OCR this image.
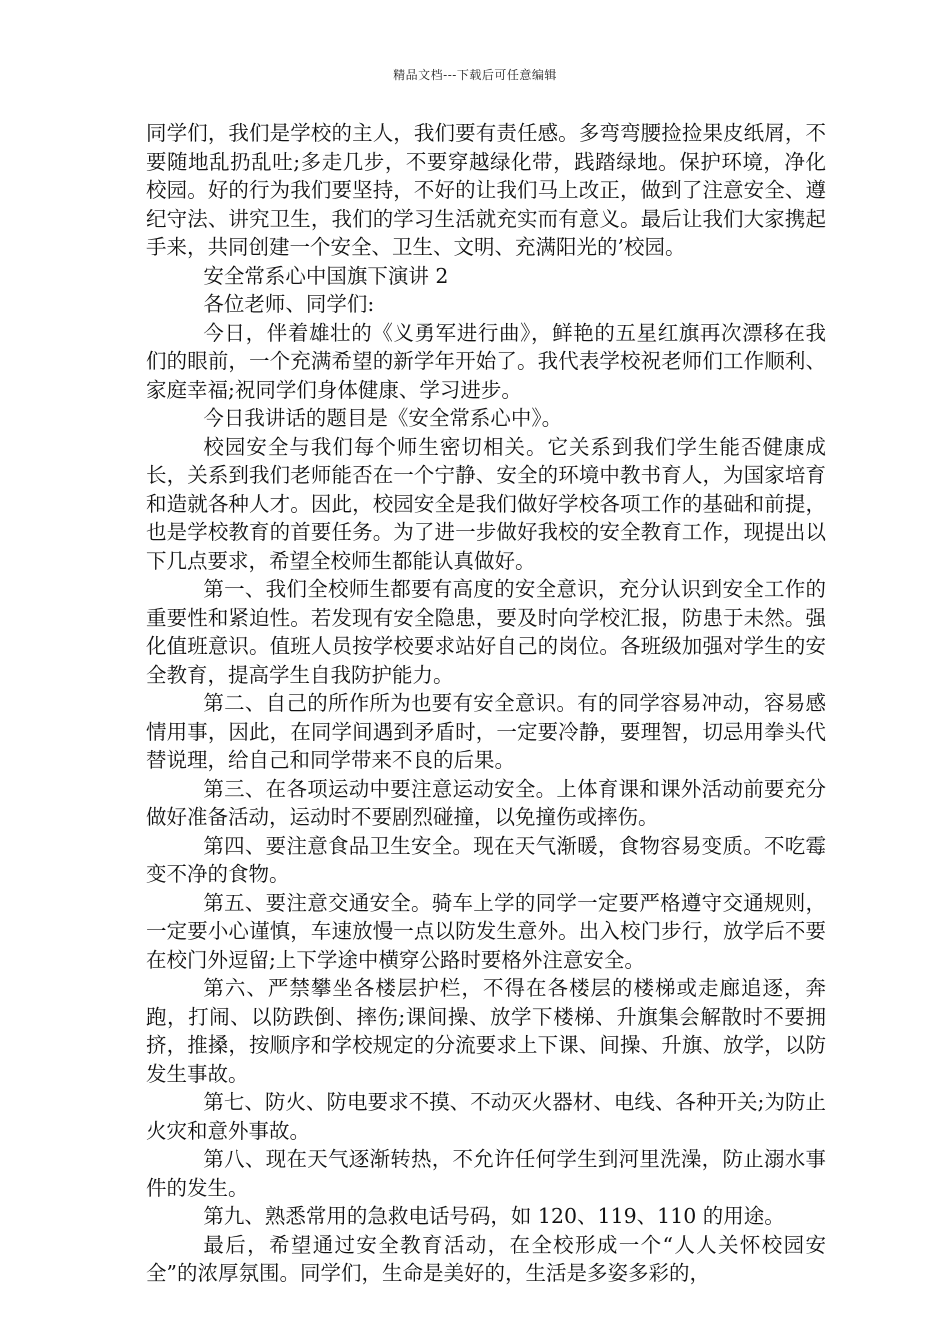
精品文档---下载后可任意编辑

同学们，我们是学校的主人，我们要有责任感。多弯弯腰捡捡果皮纸屑，不要随地乱扔乱吐;多走几步，不要穿越绿化带，践踏绿地。保护环境，净化校园。好的行为我们要坚持，不好的让我们马上改正，做到了注意安全、遵纪守法、讲究卫生，我们的学习生活就充实而有意义。最后让我们大家携起手来，共同创建一个安全、卫生、文明、充满阳光的’校园。

安全常系心中国旗下演讲 2

各位老师、同学们:

今日，伴着雄壮的《义勇军进行曲》，鲜艳的五星红旗再次漂移在我们的眼前，一个充满希望的新学年开始了。我代表学校祝老师们工作顺利、家庭幸福;祝同学们身体健康、学习进步。

今日我讲话的题目是《安全常系心中》。

校园安全与我们每个师生密切相关。它关系到我们学生能否健康成长，关系到我们老师能否在一个宁静、安全的环境中教书育人，为国家培育和造就各种人才。因此，校园安全是我们做好学校各项工作的基础和前提，也是学校教育的首要任务。为了进一步做好我校的安全教育工作，现提出以下几点要求，希望全校师生都能认真做好。

第一、我们全校师生都要有高度的安全意识，充分认识到安全工作的重要性和紧迫性。若发现有安全隐患，要及时向学校汇报，防患于未然。强化值班意识。值班人员按学校要求站好自己的岗位。各班级加强对学生的安全教育，提高学生自我防护能力。

第二、自己的所作所为也要有安全意识。有的同学容易冲动，容易感情用事，因此，在同学间遇到矛盾时，一定要冷静，要理智，切忌用拳头代替说理，给自己和同学带来不良的后果。

第三、在各项运动中要注意运动安全。上体育课和课外活动前要充分做好准备活动，运动时不要剧烈碰撞，以免撞伤或摔伤。

第四、要注意食品卫生安全。现在天气渐暖，食物容易变质。不吃霉变不净的食物。

第五、要注意交通安全。骑车上学的同学一定要严格遵守交通规则，一定要小心谨慎，车速放慢一点以防发生意外。出入校门步行，放学后不要在校门外逗留;上下学途中横穿公路时要格外注意安全。

第六、严禁攀坐各楼层护栏，不得在各楼层的楼梯或走廊追逐，奔跑，打闹、以防跌倒、摔伤;课间操、放学下楼梯、升旗集会解散时不要拥挤，推搡，按顺序和学校规定的分流要求上下课、间操、升旗、放学，以防发生事故。

第七、防火、防电要求不摸、不动灭火器材、电线、各种开关;为防止火灾和意外事故。

第八、现在天气逐渐转热，不允许任何学生到河里洗澡，防止溺水事件的发生。

第九、熟悉常用的急救电话号码，如 120、119、110 的用途。

最后，希望通过安全教育活动，在全校形成一个“人人关怀校园安全”的浓厚氛围。同学们，生命是美好的，生活是多姿多彩的，
